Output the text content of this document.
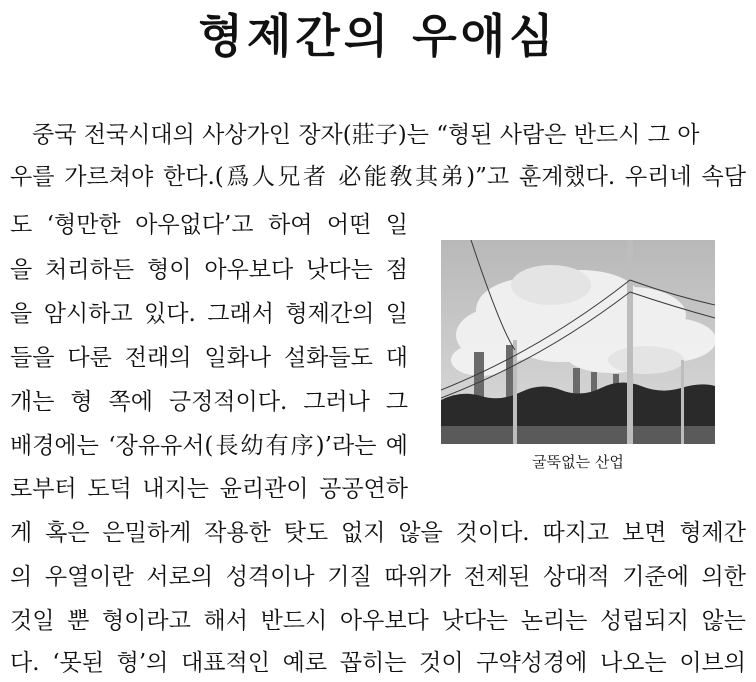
형제간의 우애심
중국 전국시대의 사상가인 장자(莊子)는 “형된 사람은 반드시 그 아
우를 가르쳐야 한다.(爲人兄者 必能敎其弟)”고 훈계했다. 우리네 속담
도 ‘형만한 아우없다’고 하여 어떤 일
을 처리하든 형이 아우보다 낫다는 점
을 암시하고 있다. 그래서 형제간의 일
들을 다룬 전래의 일화나 설화들도 대
개는 형 쪽에 긍정적이다. 그러나 그
배경에는 ‘장유유서(長幼有序)’라는 예
로부터 도덕 내지는 윤리관이 공공연하
게 혹은 은밀하게 작용한 탓도 없지 않을 것이다. 따지고 보면 형제간
의 우열이란 서로의 성격이나 기질 따위가 전제된 상대적 기준에 의한
것일 뿐 형이라고 해서 반드시 아우보다 낫다는 논리는 성립되지 않는
다. ‘못된 형’의 대표적인 예로 꼽히는 것이 구약성경에 나오는 이브의
굴뚝없는 산업
